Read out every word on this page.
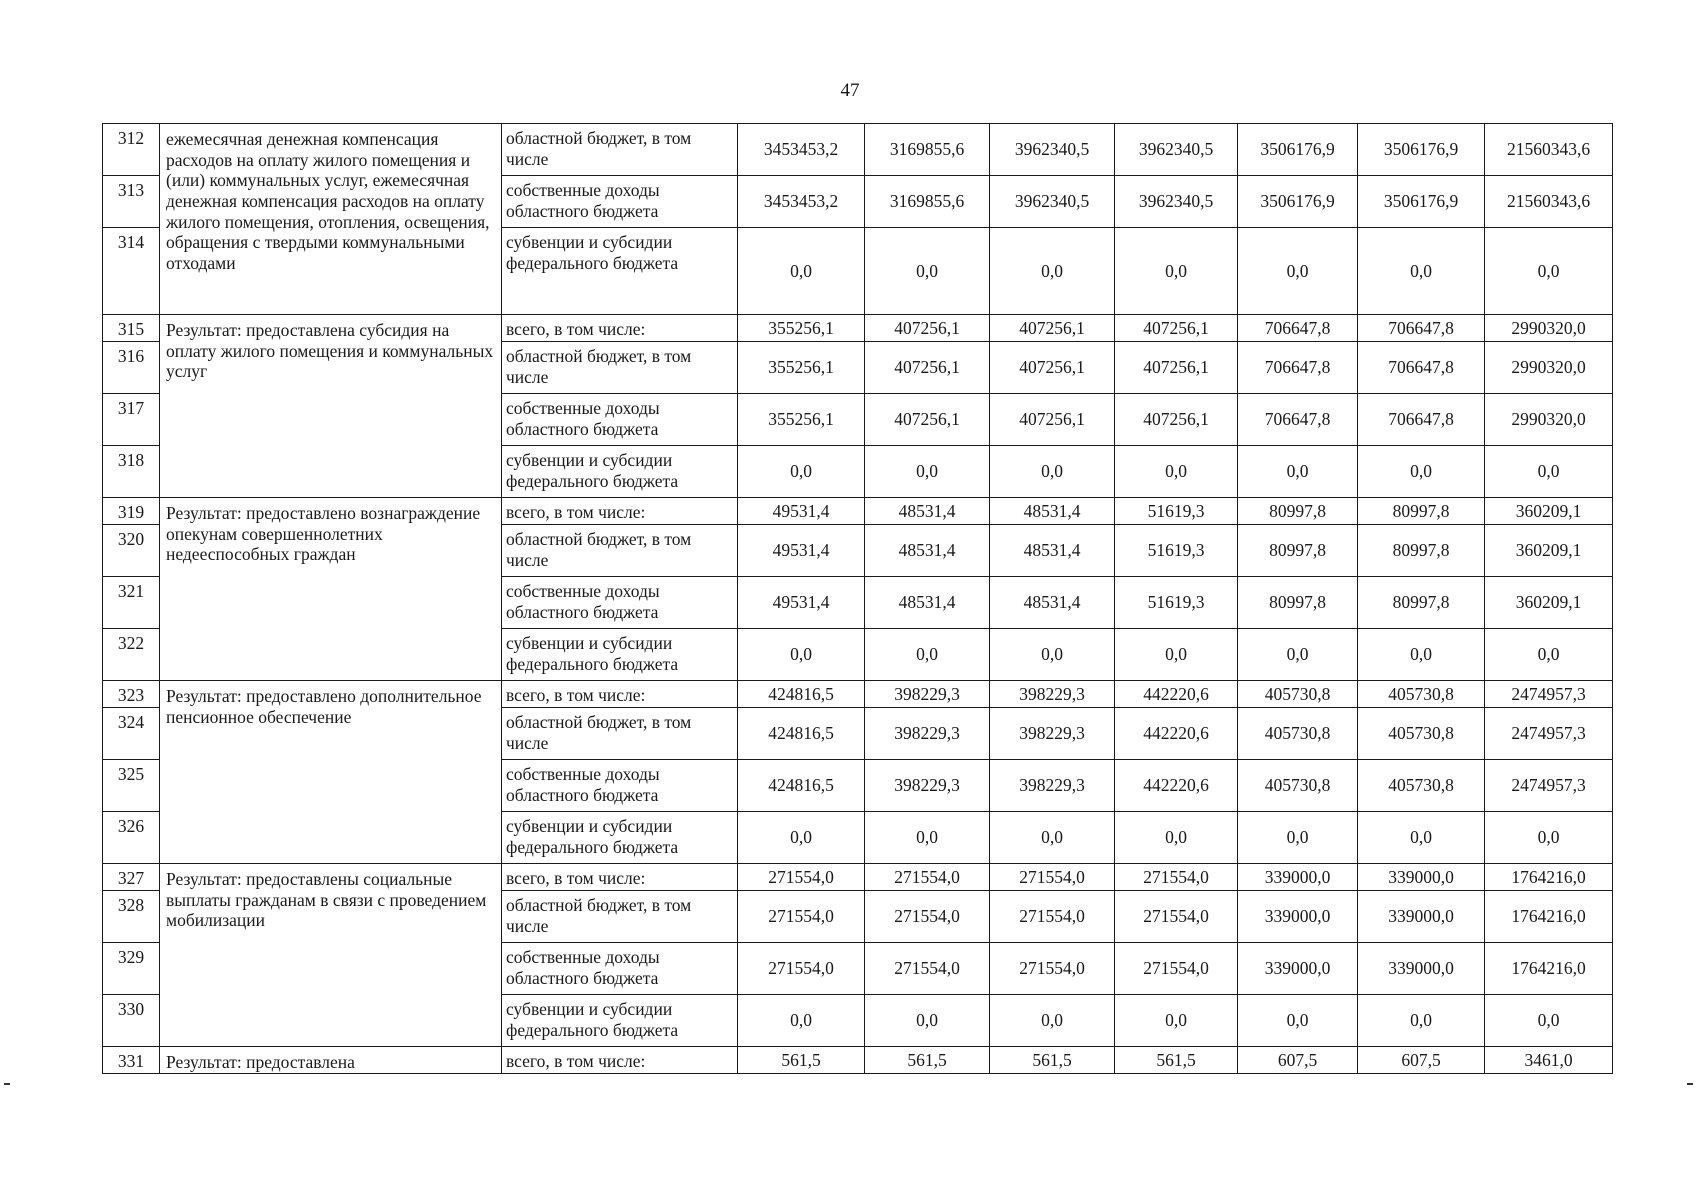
47
312	ежемесячная денежная компенсация расходов на оплату жилого помещения и (или) коммунальных услуг, ежемесячная денежная компенсация расходов на оплату жилого помещения, отопления, освещения, обращения с твердыми коммунальными отходами	областной бюджет, в том числе	3453453,2	3169855,6	3962340,5	3962340,5	3506176,9	3506176,9	21560343,6
313		собственные доходы областного бюджета	3453453,2	3169855,6	3962340,5	3962340,5	3506176,9	3506176,9	21560343,6
314		субвенции и субсидии федерального бюджета	0,0	0,0	0,0	0,0	0,0	0,0	0,0
315	Результат: предоставлена субсидия на оплату жилого помещения и коммунальных услуг	всего, в том числе:	355256,1	407256,1	407256,1	407256,1	706647,8	706647,8	2990320,0
316		областной бюджет, в том числе	355256,1	407256,1	407256,1	407256,1	706647,8	706647,8	2990320,0
317		собственные доходы областного бюджета	355256,1	407256,1	407256,1	407256,1	706647,8	706647,8	2990320,0
318		субвенции и субсидии федерального бюджета	0,0	0,0	0,0	0,0	0,0	0,0	0,0
319	Результат: предоставлено вознаграждение опекунам совершеннолетних недееспособных граждан	всего, в том числе:	49531,4	48531,4	48531,4	51619,3	80997,8	80997,8	360209,1
320		областной бюджет, в том числе	49531,4	48531,4	48531,4	51619,3	80997,8	80997,8	360209,1
321		собственные доходы областного бюджета	49531,4	48531,4	48531,4	51619,3	80997,8	80997,8	360209,1
322		субвенции и субсидии федерального бюджета	0,0	0,0	0,0	0,0	0,0	0,0	0,0
323	Результат: предоставлено дополнительное пенсионное обеспечение	всего, в том числе:	424816,5	398229,3	398229,3	442220,6	405730,8	405730,8	2474957,3
324		областной бюджет, в том числе	424816,5	398229,3	398229,3	442220,6	405730,8	405730,8	2474957,3
325		собственные доходы областного бюджета	424816,5	398229,3	398229,3	442220,6	405730,8	405730,8	2474957,3
326		субвенции и субсидии федерального бюджета	0,0	0,0	0,0	0,0	0,0	0,0	0,0
327	Результат: предоставлены социальные выплаты гражданам в связи с проведением мобилизации	всего, в том числе:	271554,0	271554,0	271554,0	271554,0	339000,0	339000,0	1764216,0
328		областной бюджет, в том числе	271554,0	271554,0	271554,0	271554,0	339000,0	339000,0	1764216,0
329		собственные доходы областного бюджета	271554,0	271554,0	271554,0	271554,0	339000,0	339000,0	1764216,0
330		субвенции и субсидии федерального бюджета	0,0	0,0	0,0	0,0	0,0	0,0	0,0
331	Результат: предоставлена	всего, в том числе:	561,5	561,5	561,5	561,5	607,5	607,5	3461,0
